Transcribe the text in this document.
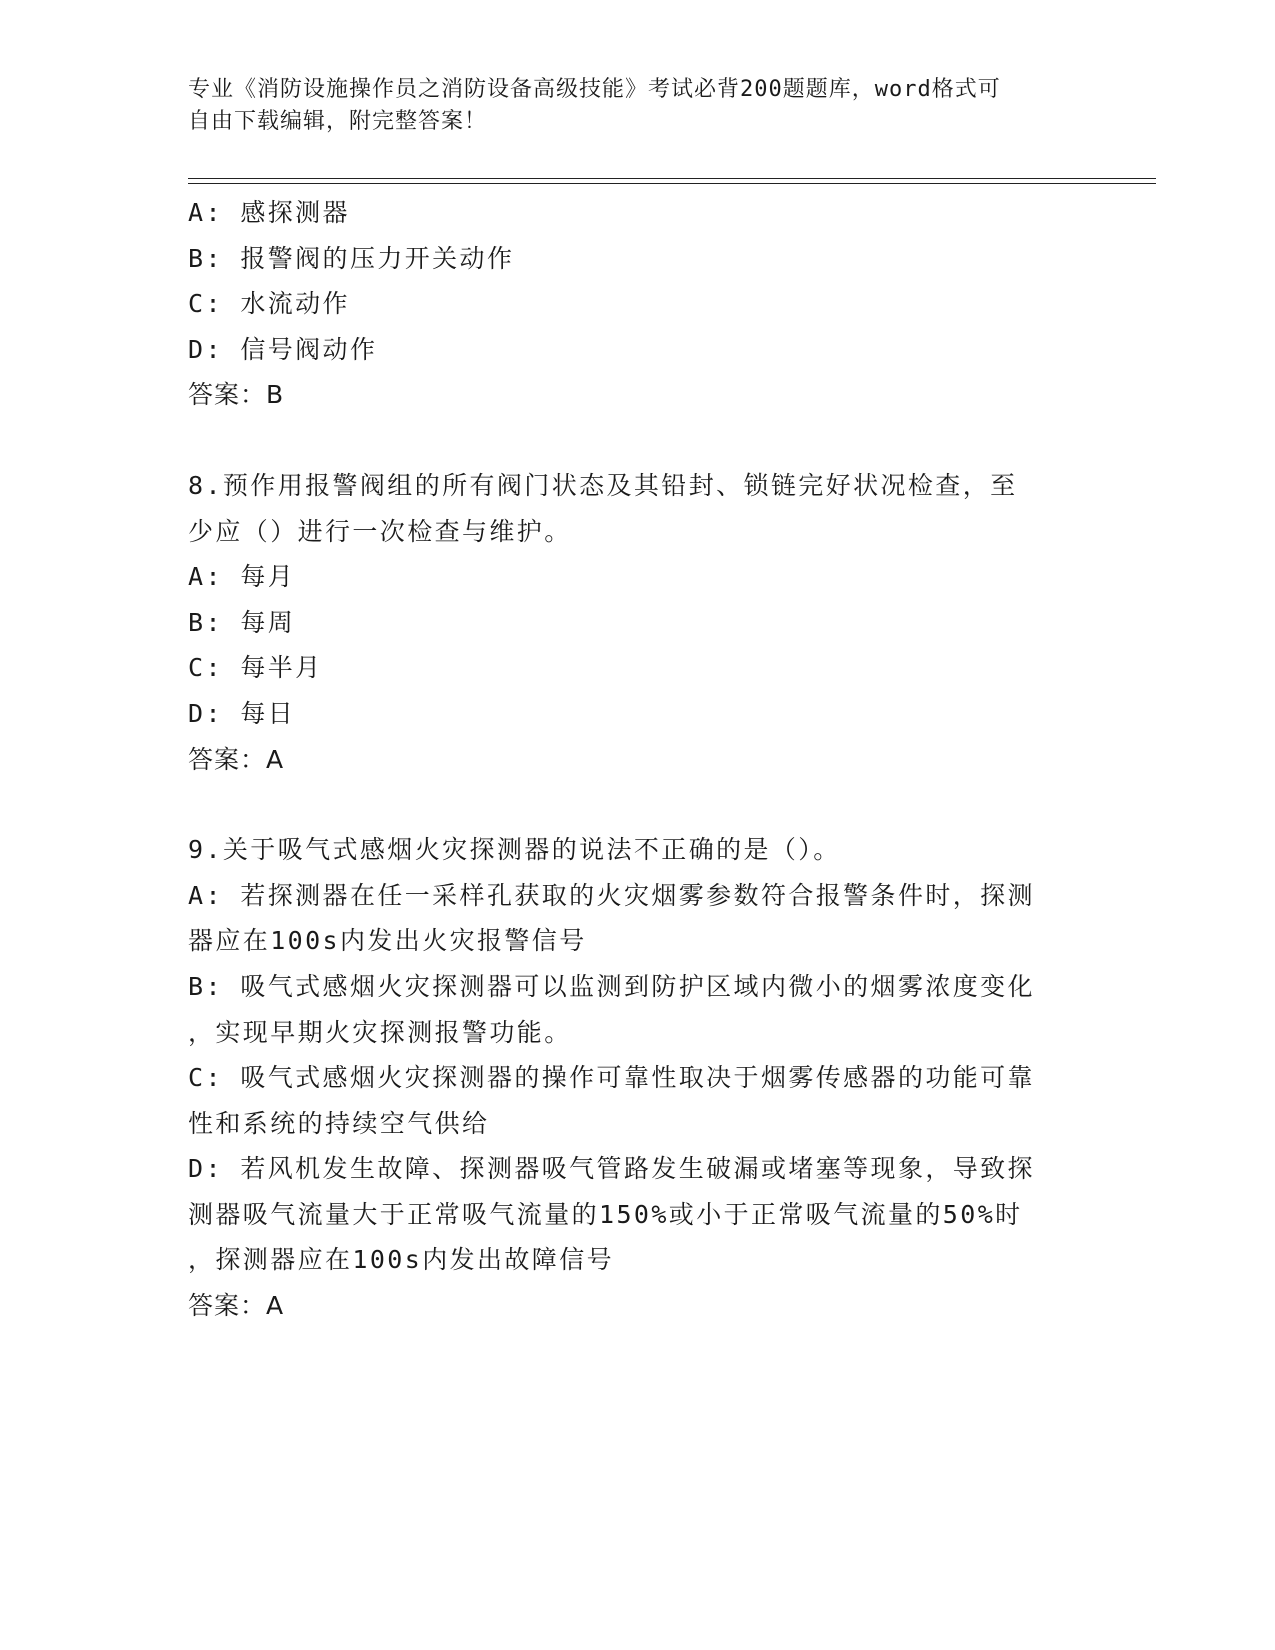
专业《消防设施操作员之消防设备高级技能》考试必背200题题库，word格式可
自由下载编辑，附完整答案！
A: 感探测器
B: 报警阀的压力开关动作
C: 水流动作
D: 信号阀动作
答案：B
8.预作用报警阀组的所有阀门状态及其铅封、锁链完好状况检查，至
少应（）进行一次检查与维护。
A: 每月
B: 每周
C: 每半月
D: 每日
答案：A
9.关于吸气式感烟火灾探测器的说法不正确的是（）。
A: 若探测器在任一采样孔获取的火灾烟雾参数符合报警条件时，探测
器应在100s内发出火灾报警信号
B: 吸气式感烟火灾探测器可以监测到防护区域内微小的烟雾浓度变化
，实现早期火灾探测报警功能。
C: 吸气式感烟火灾探测器的操作可靠性取决于烟雾传感器的功能可靠
性和系统的持续空气供给
D: 若风机发生故障、探测器吸气管路发生破漏或堵塞等现象，导致探
测器吸气流量大于正常吸气流量的150%或小于正常吸气流量的50%时
，探测器应在100s内发出故障信号
答案：A
